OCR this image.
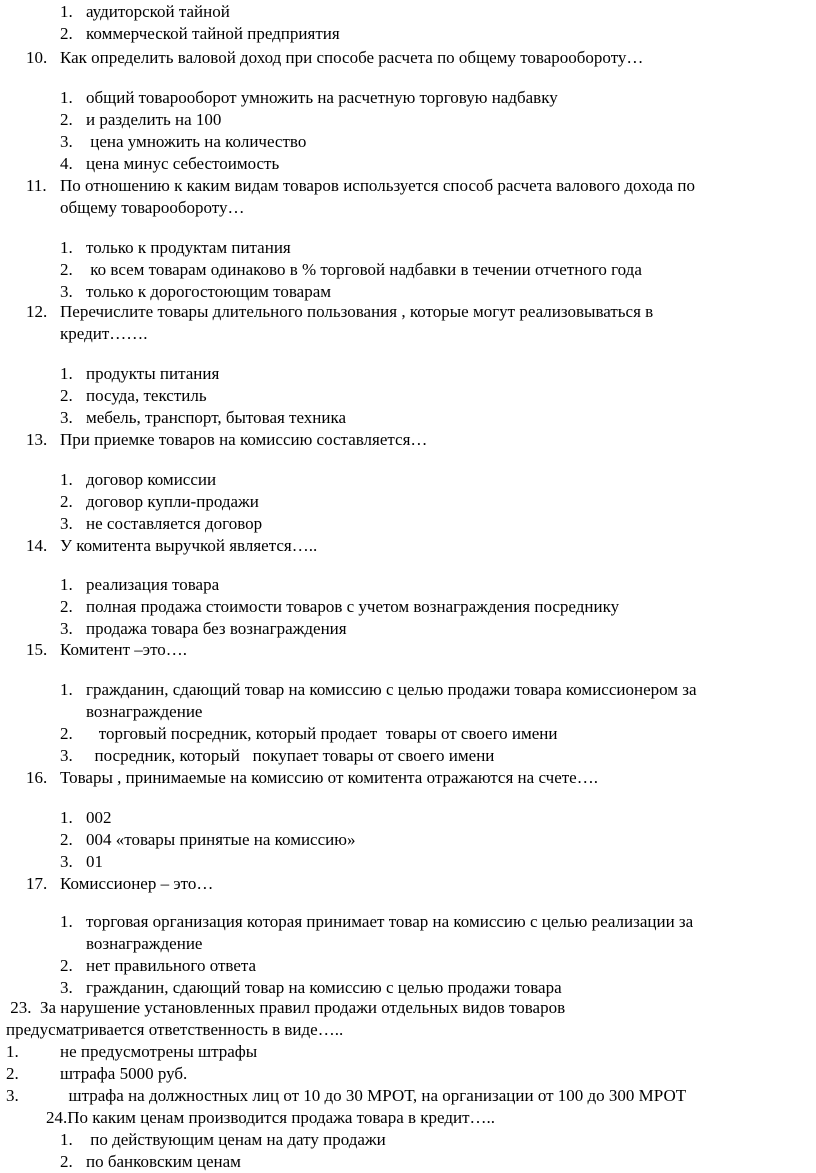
1. аудиторской тайной
2. коммерческой тайной предприятия
10. Как определить валовой доход при способе расчета по общему товарообороту…
1. общий товарооборот умножить на расчетную торговую надбавку
2. и разделить на 100
3. цена умножить на количество
4. цена минус себестоимость
11. По отношению к каким видам товаров используется способ расчета валового дохода по
общему товарообороту…
1. только к продуктам питания
2. ко всем товарам одинаково в % торговой надбавки в течении отчетного года
3. только к дорогостоющим товарам
12. Перечислите товары длительного пользования , которые могут реализовываться в
кредит…….
1. продукты питания
2. посуда, текстиль
3. мебель, транспорт, бытовая техника
13. При приемке товаров на комиссию составляется…
1. договор комиссии
2. договор купли-продажи
3. не составляется договор
14. У комитента выручкой является…..
1. реализация товара
2. полная продажа стоимости товаров с учетом вознаграждения посреднику
3. продажа товара без вознаграждения
15. Комитент –это….
1. гражданин, сдающий товар на комиссию с целью продажи товара комиссионером за
вознаграждение
2. торговый посредник, который продает  товары от своего имени
3. посредник, который   покупает товары от своего имени
16. Товары , принимаемые на комиссию от комитента отражаются на счете….
1. 002
2. 004 «товары принятые на комиссию»
3. 01
17. Комиссионер – это…
1. торговая организация которая принимает товар на комиссию с целью реализации за
вознаграждение
2. нет правильного ответа
3. гражданин, сдающий товар на комиссию с целью продажи товара
23.  За нарушение установленных правил продажи отдельных видов товаров
предусматривается ответственность в виде…..
1. не предусмотрены штрафы
2. штрафа 5000 руб.
3. штрафа на должностных лиц от 10 до 30 МРОТ, на организации от 100 до 300 МРОТ
24.По каким ценам производится продажа товара в кредит…..
1. по действующим ценам на дату продажи
2. по банковским ценам
